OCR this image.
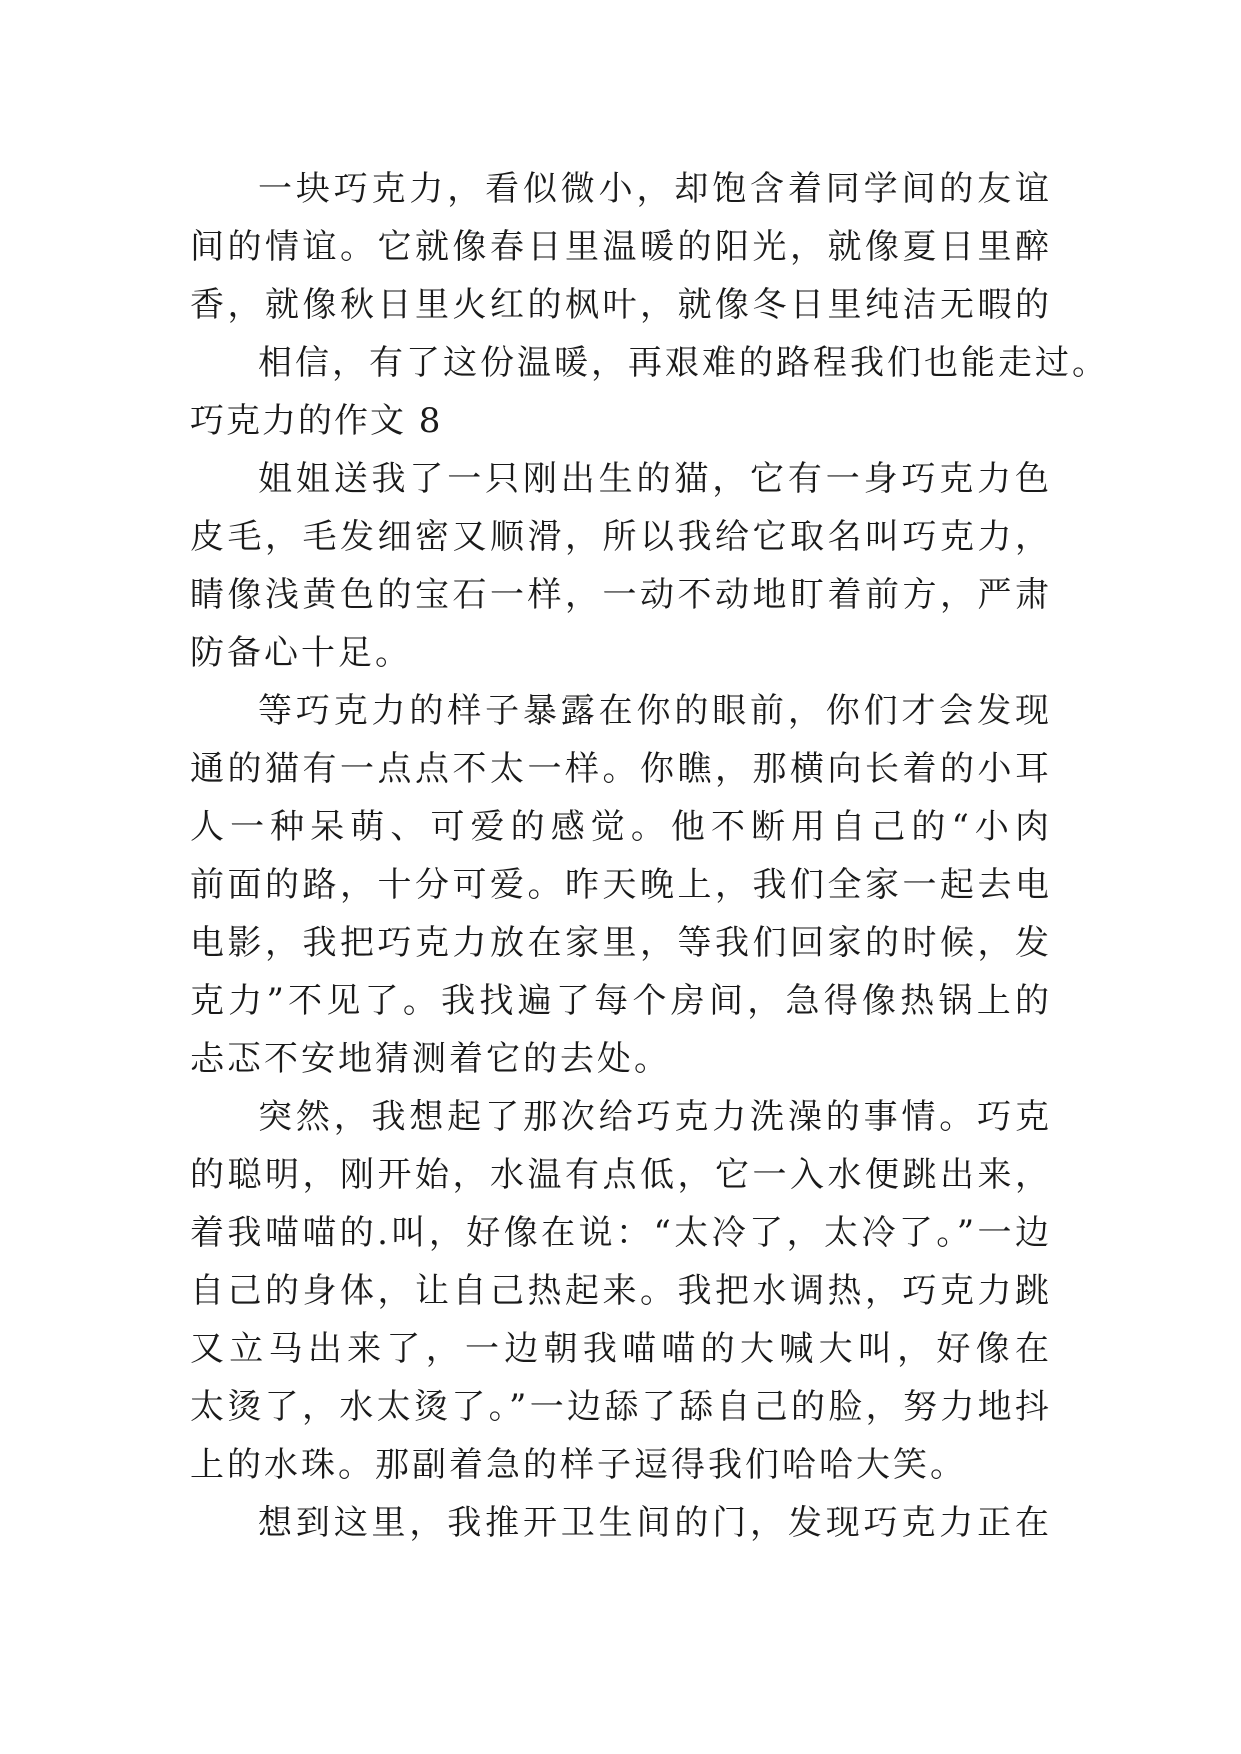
一块巧克力，看似微小，却饱含着同学间的友谊
间的情谊。它就像春日里温暖的阳光，就像夏日里醉
香，就像秋日里火红的枫叶，就像冬日里纯洁无暇的
相信，有了这份温暖，再艰难的路程我们也能走过。
巧克力的作文 8
姐姐送我了一只刚出生的猫，它有一身巧克力色
皮毛，毛发细密又顺滑，所以我给它取名叫巧克力，
睛像浅黄色的宝石一样，一动不动地盯着前方，严肃
防备心十足。
等巧克力的样子暴露在你的眼前，你们才会发现
通的猫有一点点不太一样。你瞧，那横向长着的小耳
人一种呆萌、可爱的感觉。他不断用自己的“小肉
前面的路，十分可爱。昨天晚上，我们全家一起去电
电影，我把巧克力放在家里，等我们回家的时候，发
克力”不见了。我找遍了每个房间，急得像热锅上的
忐忑不安地猜测着它的去处。
突然，我想起了那次给巧克力洗澡的事情。巧克
的聪明，刚开始，水温有点低，它一入水便跳出来，
着我喵喵的.叫，好像在说：“太冷了，太冷了。”一边
自己的身体，让自己热起来。我把水调热，巧克力跳
又立马出来了，一边朝我喵喵的大喊大叫，好像在
太烫了，水太烫了。”一边舔了舔自己的脸，努力地抖
上的水珠。那副着急的样子逗得我们哈哈大笑。
想到这里，我推开卫生间的门，发现巧克力正在
